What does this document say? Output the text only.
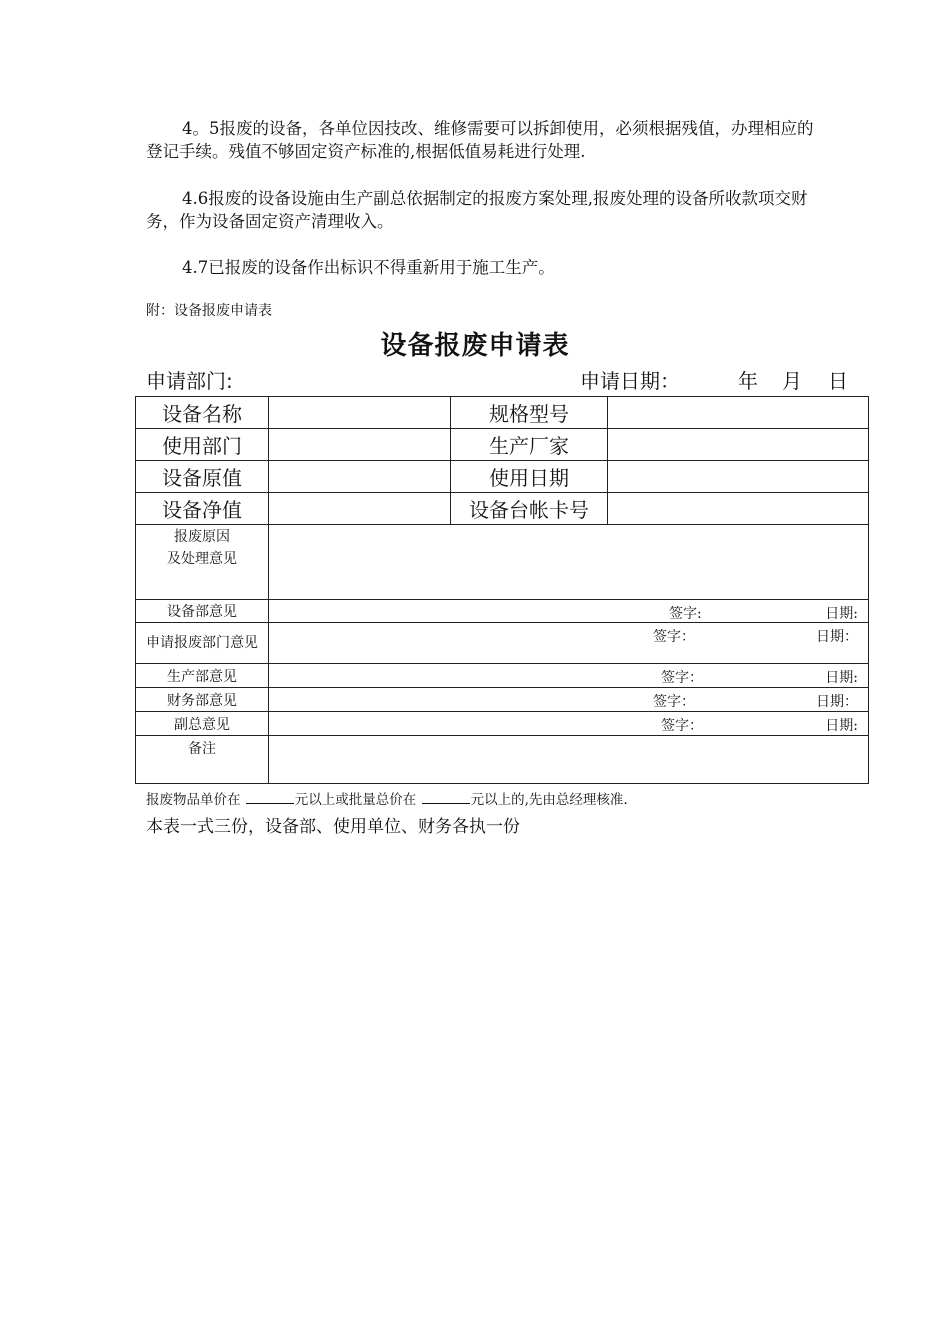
4。5报废的设备，各单位因技改、维修需要可以拆卸使用，必须根据残值，办理相应的登记手续。残值不够固定资产标准的,根据低值易耗进行处理.

4.6报废的设备设施由生产副总依据制定的报废方案处理,报废处理的设备所收款项交财务，作为设备固定资产清理收入。

4.7已报废的设备作出标识不得重新用于施工生产。

附：设备报废申请表
设备报废申请表
申请部门:	申请日期：	年 月 日
设备名称		规格型号	
使用部门		生产厂家	
设备原值		使用日期	
设备净值		设备台帐卡号	

报废原因
及处理意见			

设备部意见	签字: 日期:		

申请报废部门意见	签字： 日期：		

生产部意见	签字： 日期:		

财务部意见	签字： 日期：		

副总意见	签字： 日期:		

备注			
报废物品单价在	元以上或批量总价在	元以上的,先由总经理核准.
本表一式三份，设备部、使用单位、财务各执一份
